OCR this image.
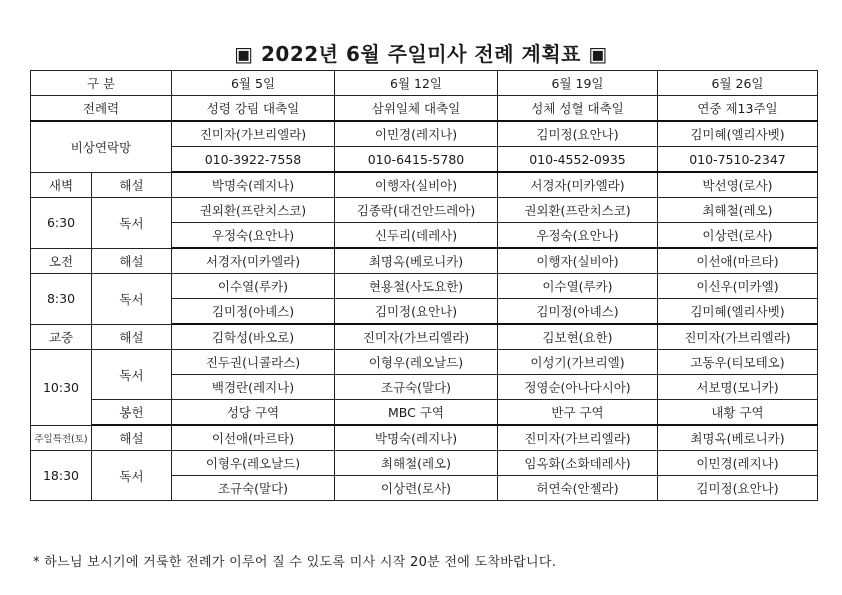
▣ 2022년 6월 주일미사 전례 계획표 ▣
구 분		6월 5일	6월 12일	6월 19일	6월 26일
전례력		성령 강림 대축일	삼위일체 대축일	성체 성혈 대축일	연중 제13주일
비상연락망		진미자(가브리엘라)	이민경(레지나)	김미정(요안나)	김미혜(엘리사벳)
		010-3922-7558	010-6415-5780	010-4552-0935	010-7510-2347
새벽	해설	박명숙(레지나)	이행자(실비아)	서경자(미카엘라)	박선영(로사)
6:30	독서	권외환(프란치스코)	김종락(대건안드레아)	권외환(프란치스코)	최해철(레오)
		우정숙(요안나)	신두리(데레사)	우정숙(요안나)	이상련(로사)
오전	해설	서경자(미카엘라)	최명옥(베로니카)	이행자(실비아)	이선애(마르타)
8:30	독서	이수열(루카)	현용철(사도요한)	이수열(루카)	이신우(미카엘)
		김미정(아녜스)	김미정(요안나)	김미정(아녜스)	김미혜(엘리사벳)
교중	해설	김학성(바오로)	진미자(가브리엘라)	김보현(요한)	진미자(가브리엘라)
10:30	독서	진두권(니콜라스)	이형우(레오날드)	이성기(가브리엘)	고동우(티모테오)
		백경란(레지나)	조규숙(말다)	정영순(아나다시아)	서보명(모니카)
	봉헌	성당 구역	MBC 구역	반구 구역	내황 구역
주일특전(토)	해설	이선애(마르타)	박명숙(레지나)	진미자(가브리엘라)	최명옥(베로니카)
18:30	독서	이형우(레오날드)	최해철(레오)	임옥화(소화데레사)	이민경(레지나)
		조규숙(말다)	이상련(로사)	허연숙(안젤라)	김미정(요안나)
* 하느님 보시기에 거룩한 전례가 이루어 질 수 있도록 미사 시작 20분 전에 도착바랍니다.
